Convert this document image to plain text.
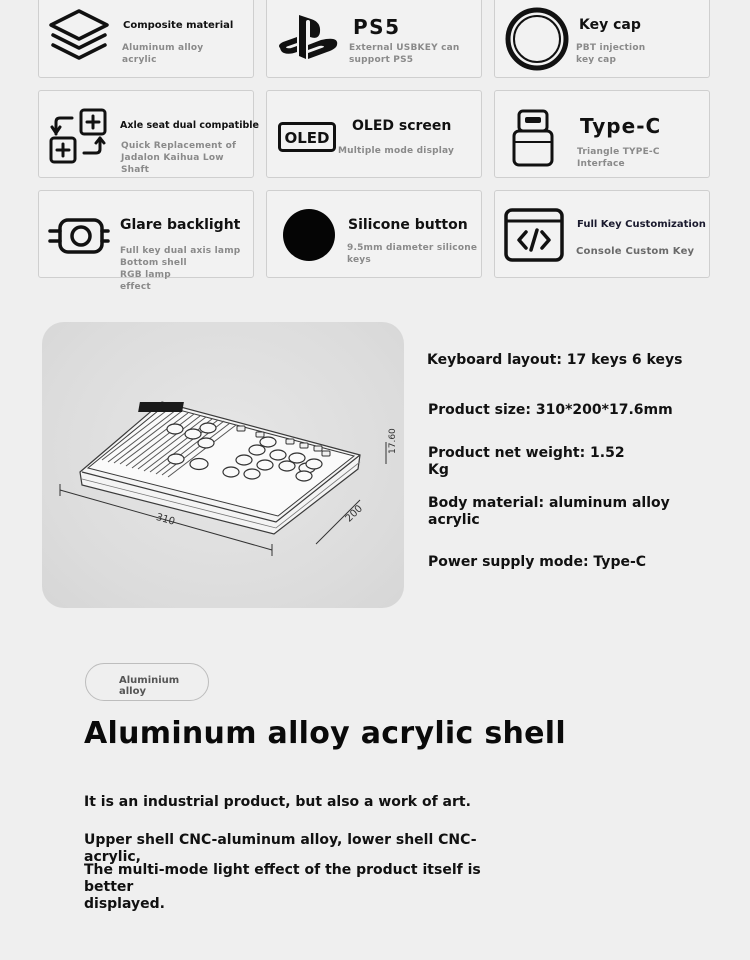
Composite material
Aluminum alloy
acrylic
PS5
External USBKEY can
support PS5
Key cap
PBT injection
key cap
Axle seat dual compatible
Quick Replacement of
Jadalon Kaihua Low Shaft
OLED
OLED screen
Multiple mode display
Type-C
Triangle TYPE-C Interface
Glare backlight
Full key dual axis lamp
Bottom shell
RGB lamp
effect
Silicone button
9.5mm diameter silicone
keys
Full Key Customization
Console Custom Key
310	200
17.60
Keyboard layout: 17 keys 6 keys
Product size: 310*200*17.6mm
Product net weight: 1.52
Kg
Body material: aluminum alloy
acrylic
Power supply mode: Type-C
Aluminium alloy
Aluminum alloy acrylic shell
It is an industrial product, but also a work of art.
Upper shell CNC-aluminum alloy, lower shell CNC-acrylic,
The multi-mode light effect of the product itself is better
displayed.
